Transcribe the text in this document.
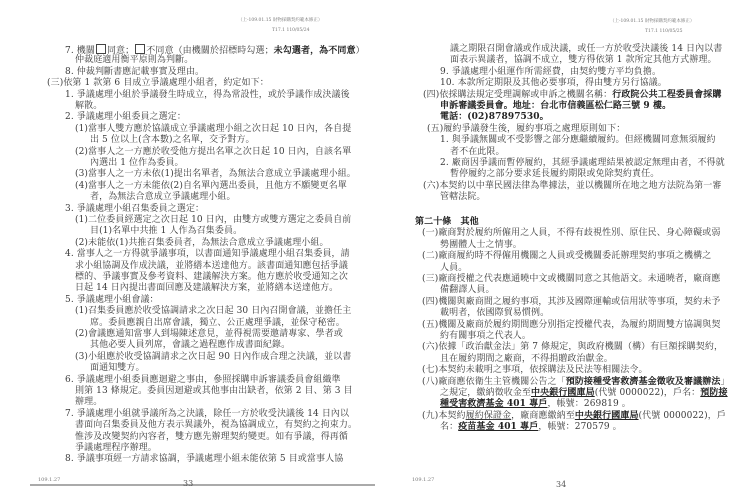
（上-109.01.15 財物採購契約範本修正）
T17.1 110/05/24
7. 機關 同意； 不同意（由機關於招標時勾選；未勾選者，為不同意）
仲裁庭適用衡平原則為判斷。
8. 仲裁判斷書應記載事實及理由。
(三)依第 1 款第 6 目成立爭議處理小組者，約定如下：
1. 爭議處理小組於爭議發生時成立，得為常設性，或於爭議作成決議後
解散。
2. 爭議處理小組委員之選定：
(1)當事人雙方應於協議成立爭議處理小組之次日起 10 日內，各自提
出 5 位以上(含本數)之名單，交予對方。
(2)當事人之一方應於收受他方提出名單之次日起 10 日內，自該名單
內選出 1 位作為委員。
(3)當事人之一方未依(1)提出名單者，為無法合意成立爭議處理小組。
(4)當事人之一方未能依(2)自名單內選出委員，且他方不願變更名單
者，為無法合意成立爭議處理小組。
3. 爭議處理小組召集委員之選定：
(1)二位委員經選定之次日起 10 日內，由雙方或雙方選定之委員自前
目(1)名單中共推 1 人作為召集委員。
(2)未能依(1)共推召集委員者，為無法合意成立爭議處理小組。
4. 當事人之一方得就爭議事項，以書面通知爭議處理小組召集委員，請
求小組協調及作成決議，並將繕本送達他方。該書面通知應包括爭議
標的、爭議事實及參考資料、建議解決方案。他方應於收受通知之次
日起 14 日內提出書面回應及建議解決方案，並將繕本送達他方。
5. 爭議處理小組會議：
(1)召集委員應於收受協調請求之次日起 30 日內召開會議，並擔任主
席。委員應親自出席會議，獨立、公正處理爭議，並保守秘密。
(2)會議應通知當事人到場陳述意見，並得視需要邀請專家、學者或
其他必要人員列席，會議之過程應作成書面紀錄。
(3)小組應於收受協調請求之次日起 90 日內作成合理之決議，並以書
面通知雙方。
6. 爭議處理小組委員應迴避之事由，參照採購申訴審議委員會組織準
則第 13 條規定。委員因迴避或其他事由出缺者，依第 2 目、第 3 目
辦理。
7. 爭議處理小組就爭議所為之決議，除任一方於收受決議後 14 日內以
書面向召集委員及他方表示異議外，視為協調成立，有契約之拘束力。
惟涉及改變契約內容者，雙方應先辦理契約變更。如有爭議，得再循
爭議處理程序辦理。
8. 爭議事項經一方請求協調，爭議處理小組未能依第 5 目或當事人協
109.1.27	33
（上-109.01.15 財物採購契約範本修正）
T17.1 110/05/25
議之期限召開會議或作成決議，或任一方於收受決議後 14 日內以書
面表示異議者，協調不成立，雙方得依第 1 款所定其他方式辦理。
9. 爭議處理小組運作所需經費，由契約雙方平均負擔。
10. 本款所定期限及其他必要事項，得由雙方另行協議。
(四)依採購法規定受理調解或申訴之機關名稱：行政院公共工程委員會採購
申訴審議委員會。地址：台北市信義區松仁路三號 9 樓。
電話：(02)87897530。
(五)履約爭議發生後，履約事項之處理原則如下：
1. 與爭議無關或不受影響之部分應繼續履約。但經機關同意無須履約
者不在此限。
2. 廠商因爭議而暫停履約，其經爭議處理結果被認定無理由者，不得就
暫停履約之部分要求延長履約期限或免除契約責任。
(六)本契約以中華民國法律為準據法，並以機關所在地之地方法院為第一審
管轄法院。
第二十條　其他
(一)廠商對於履約所僱用之人員，不得有歧視性別、原住民、身心障礙或弱
勢團體人士之情事。
(二)廠商履約時不得僱用機關之人員或受機關委託辦理契約事項之機構之
人員。
(三)廠商授權之代表應通曉中文或機關同意之其他語文。未通曉者，廠商應
備翻譯人員。
(四)機關與廠商間之履約事項，其涉及國際運輸或信用狀等事項，契約未予
載明者，依國際貿易慣例。
(五)機關及廠商於履約期間應分別指定授權代表，為履約期間雙方協調與契
約有關事項之代表人。
(六)依據「政治獻金法」第 7 條規定，與政府機關（構）有巨額採購契約，
且在履約期間之廠商，不得捐贈政治獻金。
(七)本契約未載明之事項，依採購法及民法等相關法令。
(八)廠商應依衛生主管機關公告之「預防接種受害救濟基金徵收及審議辦法」
之規定，繳納徵收金至中央銀行國庫局(代號 0000022)，戶名：預防接
種受害救濟基金 401 專戶，帳號：269819 。
(九)本契約履約保證金，廠商應繳納至中央銀行國庫局(代號 0000022)，戶
名：疫苗基金 401 專戶，帳號：270579 。
109.1.27	34
